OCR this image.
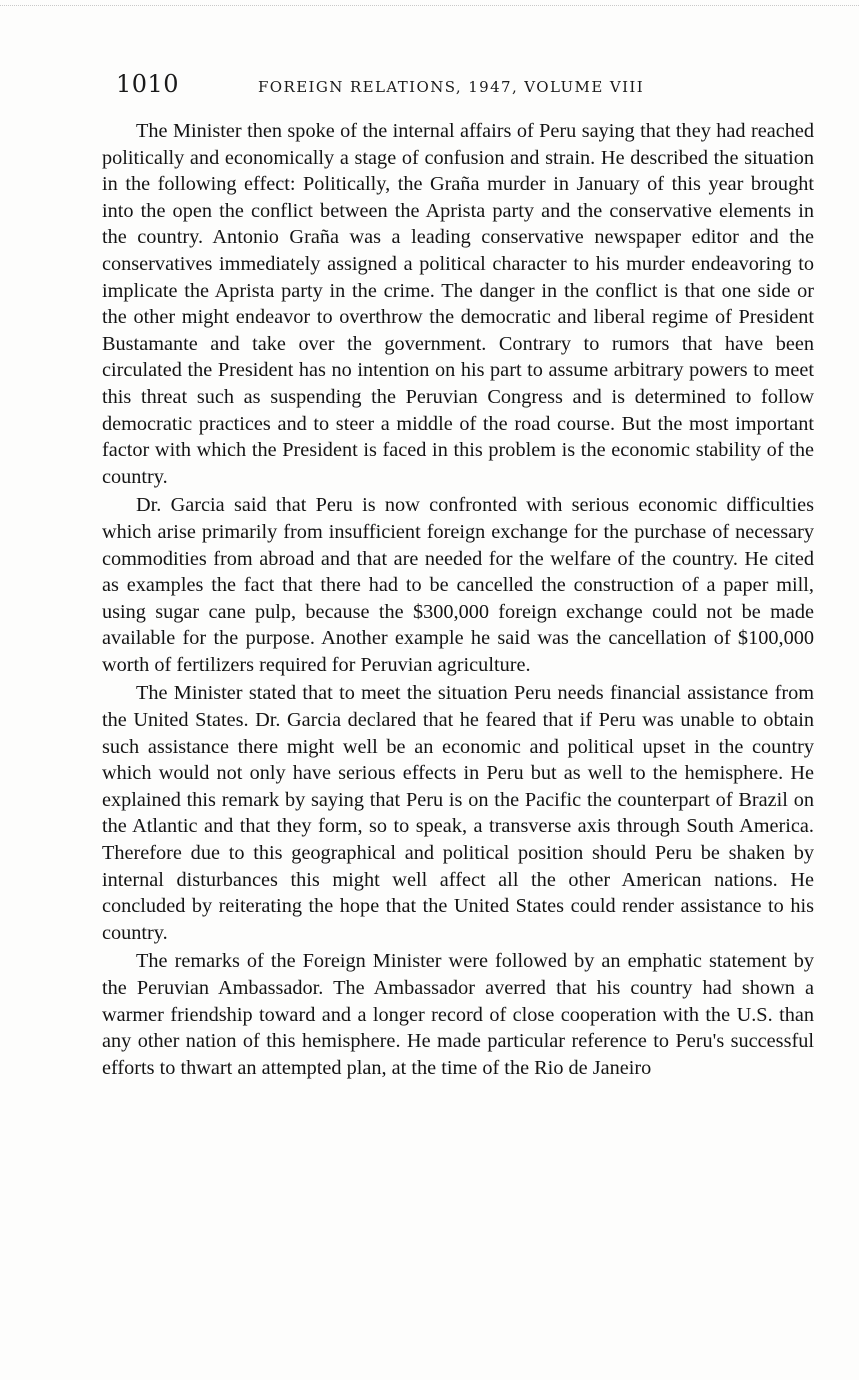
1010	FOREIGN RELATIONS, 1947, VOLUME VIII

The Minister then spoke of the internal affairs of Peru saying that they had reached politically and economically a stage of confusion and strain. He described the situation in the following effect: Politically, the Graña murder in January of this year brought into the open the conflict between the Aprista party and the conservative elements in the country. Antonio Graña was a leading conservative newspaper editor and the conservatives immediately assigned a political character to his murder endeavoring to implicate the Aprista party in the crime. The danger in the conflict is that one side or the other might endeavor to overthrow the democratic and liberal regime of President Bustamante and take over the government. Contrary to rumors that have been circulated the President has no intention on his part to assume arbitrary powers to meet this threat such as suspending the Peruvian Congress and is determined to follow democratic practices and to steer a middle of the road course. But the most important factor with which the President is faced in this problem is the economic stability of the country.

Dr. Garcia said that Peru is now confronted with serious economic difficulties which arise primarily from insufficient foreign exchange for the purchase of necessary commodities from abroad and that are needed for the welfare of the country. He cited as examples the fact that there had to be cancelled the construction of a paper mill, using sugar cane pulp, because the $300,000 foreign exchange could not be made available for the purpose. Another example he said was the cancellation of $100,000 worth of fertilizers required for Peruvian agriculture.

The Minister stated that to meet the situation Peru needs financial assistance from the United States. Dr. Garcia declared that he feared that if Peru was unable to obtain such assistance there might well be an economic and political upset in the country which would not only have serious effects in Peru but as well to the hemisphere. He explained this remark by saying that Peru is on the Pacific the counterpart of Brazil on the Atlantic and that they form, so to speak, a transverse axis through South America. Therefore due to this geographical and political position should Peru be shaken by internal disturbances this might well affect all the other American nations. He concluded by reiterating the hope that the United States could render assistance to his country.

The remarks of the Foreign Minister were followed by an emphatic statement by the Peruvian Ambassador. The Ambassador averred that his country had shown a warmer friendship toward and a longer record of close cooperation with the U.S. than any other nation of this hemisphere. He made particular reference to Peru's successful efforts to thwart an attempted plan, at the time of the Rio de Janeiro
